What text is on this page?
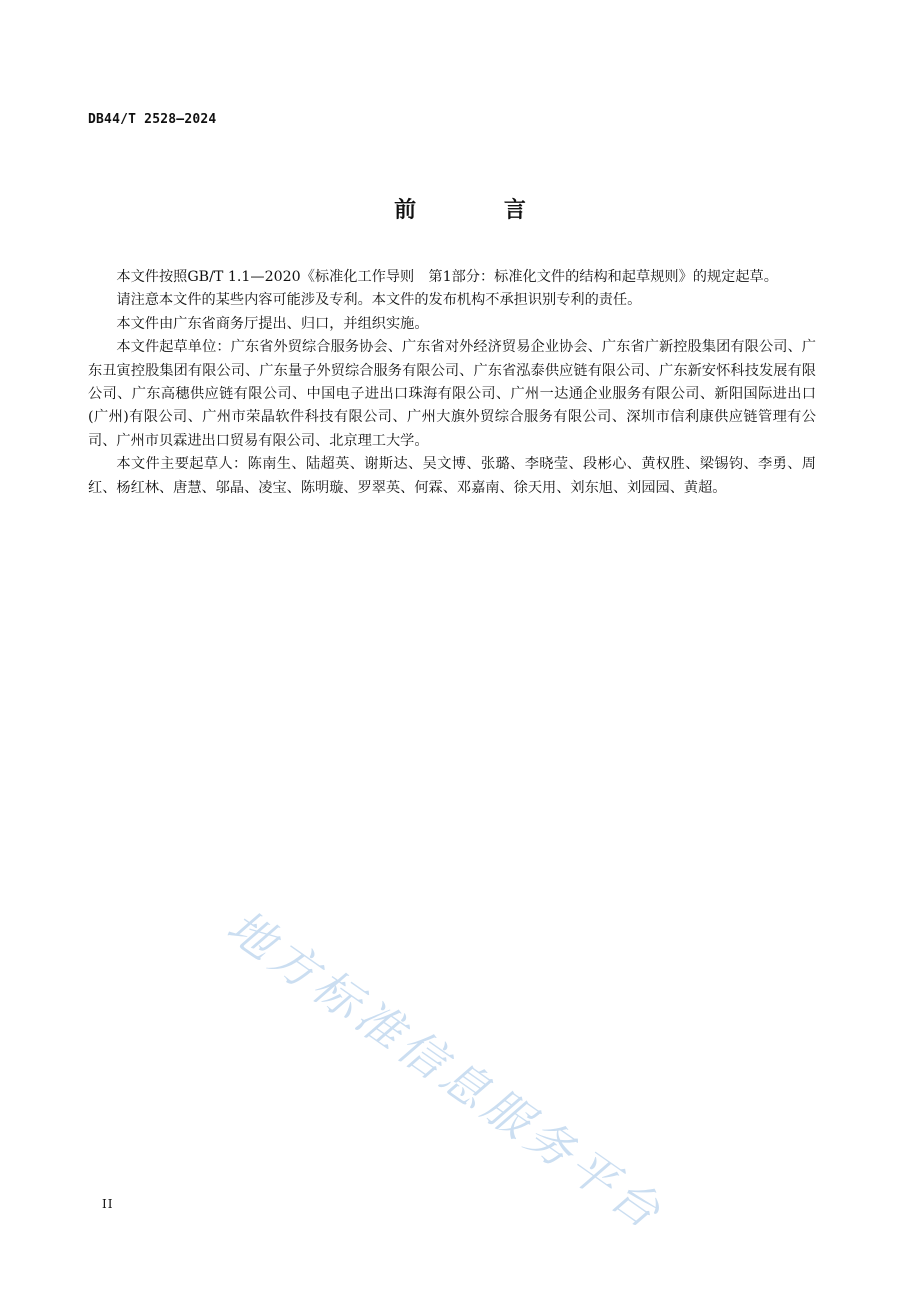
DB44/T 2528—2024
前 言

本文件按照GB/T 1.1—2020《标准化工作导则　第1部分：标准化文件的结构和起草规则》的规定起草。

请注意本文件的某些内容可能涉及专利。本文件的发布机构不承担识别专利的责任。

本文件由广东省商务厅提出、归口，并组织实施。

本文件起草单位：广东省外贸综合服务协会、广东省对外经济贸易企业协会、广东省广新控股集团有限公司、广东丑寅控股集团有限公司、广东量子外贸综合服务有限公司、广东省泓泰供应链有限公司、广东新安怀科技发展有限公司、广东高穗供应链有限公司、中国电子进出口珠海有限公司、广州一达通企业服务有限公司、新阳国际进出口(广州)有限公司、广州市荣晶软件科技有限公司、广州大旗外贸综合服务有限公司、深圳市信利康供应链管理有公司、广州市贝霖进出口贸易有限公司、北京理工大学。

本文件主要起草人：陈南生、陆超英、谢斯达、吴文博、张璐、李晓莹、段彬心、黄权胜、梁锡钧、李勇、周红、杨红林、唐慧、邬晶、凌宝、陈明璇、罗翠英、何霖、邓嘉南、徐天用、刘东旭、刘园园、黄超。

地方标准信息服务平台
II
